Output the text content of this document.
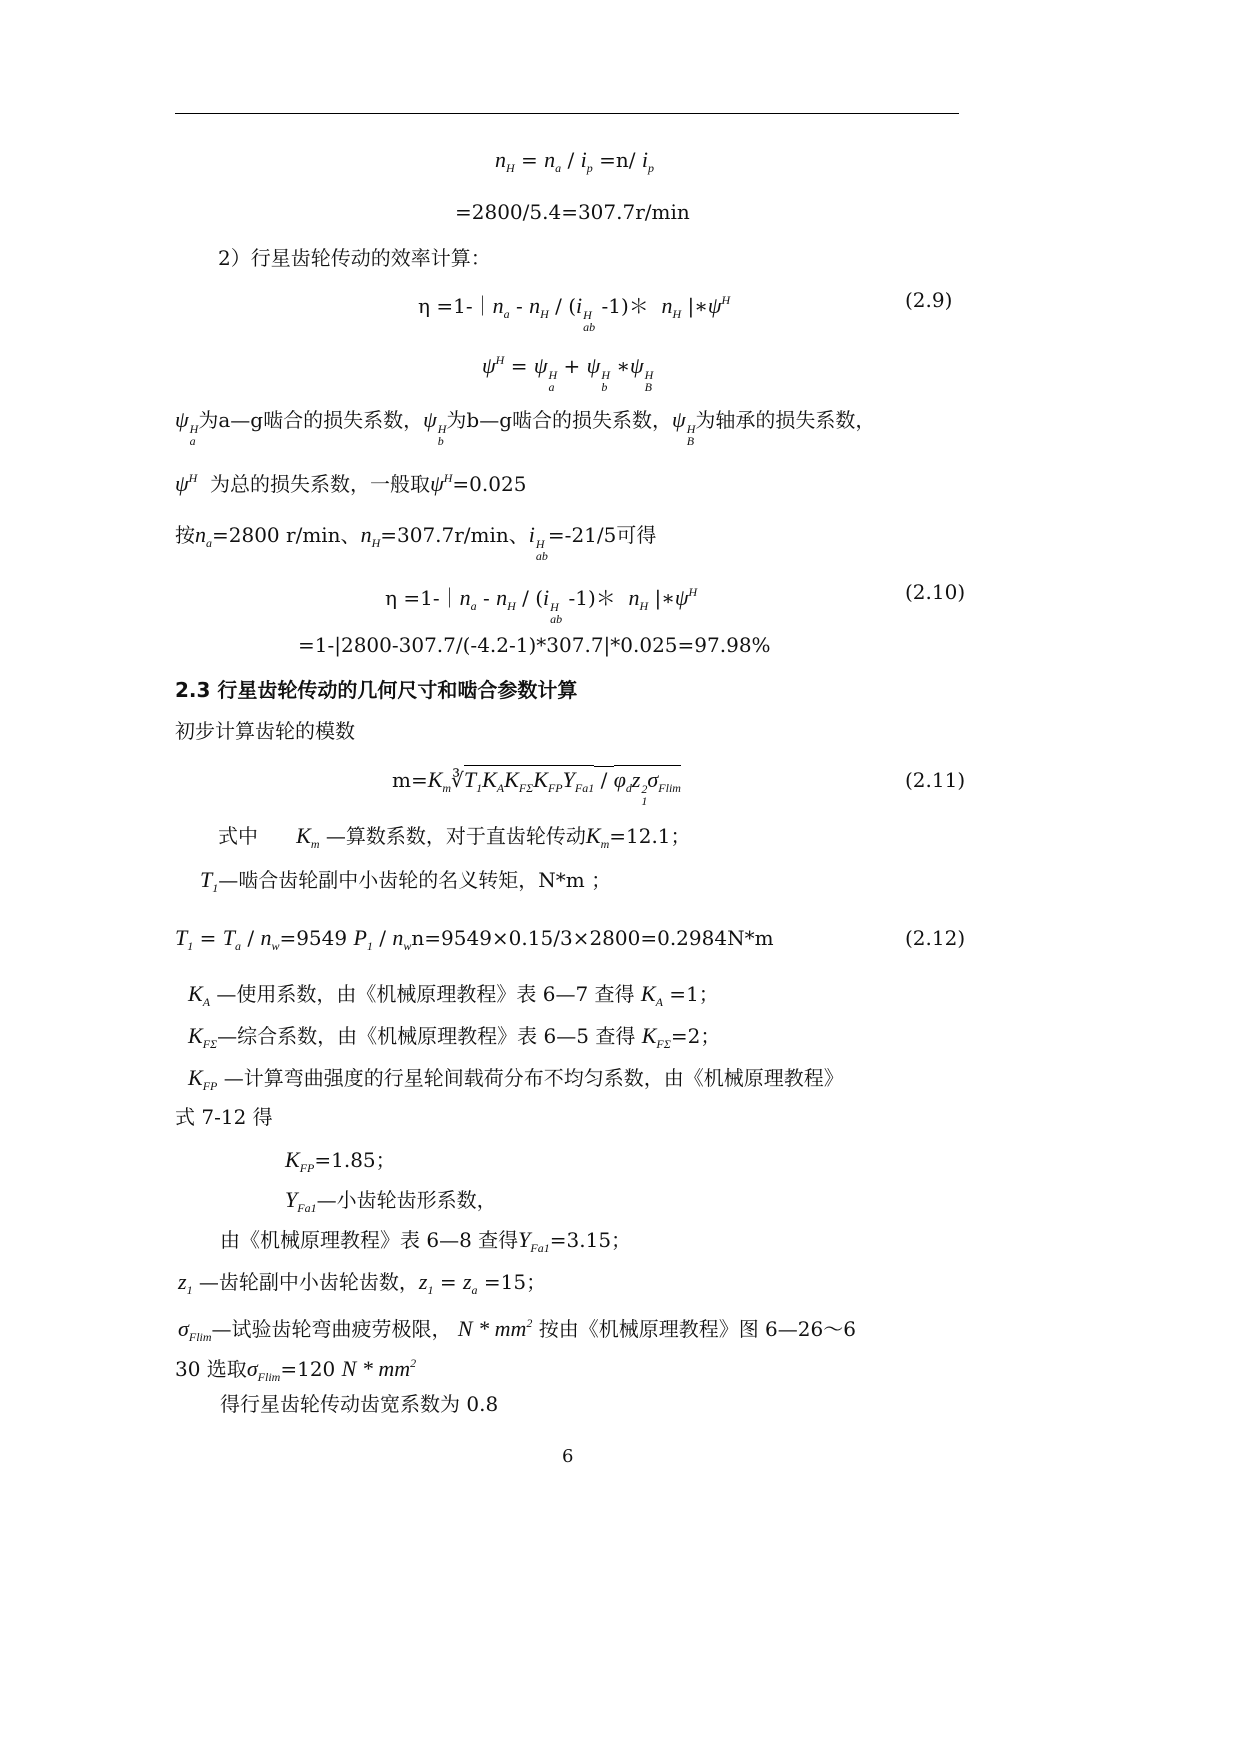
$n_H = n_a / i_p =n/$ $i_p$
=2800/5.4=307.7r/min
2）行星齿轮传动的效率计算：
$\eta =1-|n_a - n_H / (i$ H
ab
-1)＊  $n_H$ $|∗\psi^H$	(2.9)
$\psi^H = \psi$ H
a
+ ψ H
b
∗ψ H
B
ψ H
a
为a—g啮合的损失系数，ψ H
b
为b—g啮合的损失系数，ψ H
B
为轴承的损失系数，
$\psi^H$  为总的损失系数，一般取$\psi^H=0.025$
按$n_a=2800$ r/min、$n_H=307.7r/\min$、i H
ab
=-21/5可得
$\eta =1-|n_a - n_H / (i$ H
ab
-1)＊  $n_H$ $|∗\psi^H$	(2.10)
=1-|2800-307.7/(-4.2-1)*307.7|*0.025=97.98%
2.3 行星齿轮传动的几何尺寸和啮合参数计算
初步计算齿轮的模数
$m=K_m∛T_1K_AK_{F\Sigma}K_{FP}Y_{Fa1} / \varphi_dz$ 2
1
$\sigma_{Flim}$	(2.11)
式中      $K_m$ —算数系数，对于直齿轮传动$K_m=12.1$；
$T_1—$啮合齿轮副中小齿轮的名义转矩，N*m ；
$T_1 = T_a / n_w=9549$ $P_1 / n_wn=9549\times 0.15/3\times 2800=0.2984N*m$	(2.12)
$K_A$ —使用系数，由《机械原理教程》表 6—7 查得 $K_A =1$；
$K_{F\Sigma}—$综合系数，由《机械原理教程》表 6—5 查得 $K_{F\Sigma}=2$；
$K_{FP}$ —计算弯曲强度的行星轮间载荷分布不均匀系数，由《机械原理教程》
式 7-12 得
$K_{FP}=1.85$；
$Y_{Fa1}—$小齿轮齿形系数，
由《机械原理教程》表 6—8 查得$Y_{Fa1}=3.15$；
$z_1$ —齿轮副中小齿轮齿数，$z_1 = z_a =15$；
$\sigma_{Flim}—$试验齿轮弯曲疲劳极限， N * $mm^2$ 按由《机械原理教程》图 6—26～6
30 选取$\sigma_{Flim}=120$ N * $mm^2$
得行星齿轮传动齿宽系数为 0.8
6
